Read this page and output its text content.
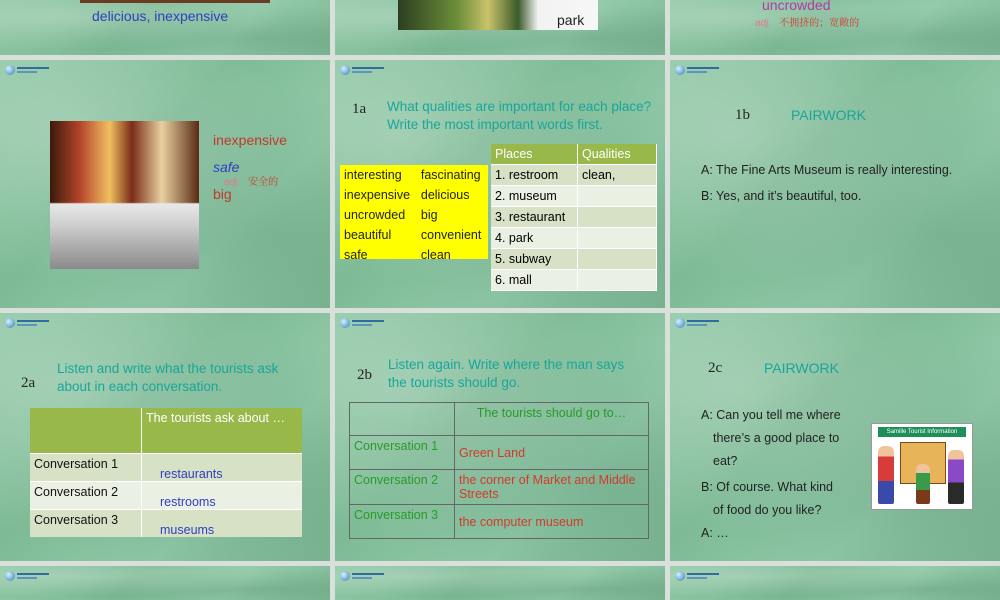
delicious, inexpensive	park
uncrowded
adj. 不拥挤的；宽敞的
inexpensive
safe
adj. 安全的
big
1a What qualities are important for each place? Write the most important words first.
interesting	fascinating
inexpensive	delicious
uncrowded	big
beautiful	convenient
safe	clean
Places	Qualities
1. restroom	clean,
2. museum	
3. restaurant	
4. park	
5. subway	
6. mall	
1b	PAIRWORK
A: The Fine Arts Museum is really interesting.
B: Yes, and it’s beautiful, too.
2a
Listen and write what the tourists ask about in each conversation.
	The tourists ask about …
Conversation 1	restaurants
Conversation 2	restrooms
Conversation 3	museums
2b
Listen again. Write where the man says the tourists should go.
	The tourists should go to…
Conversation 1	Green Land
Conversation 2	the corner of Market and Middle Streets
Conversation 3	the computer museum
2c	PAIRWORK
A: Can you tell me where
there’s a good place to
eat?
B: Of course. What kind
of food do you like?
A: …
Samille Tourist Information
